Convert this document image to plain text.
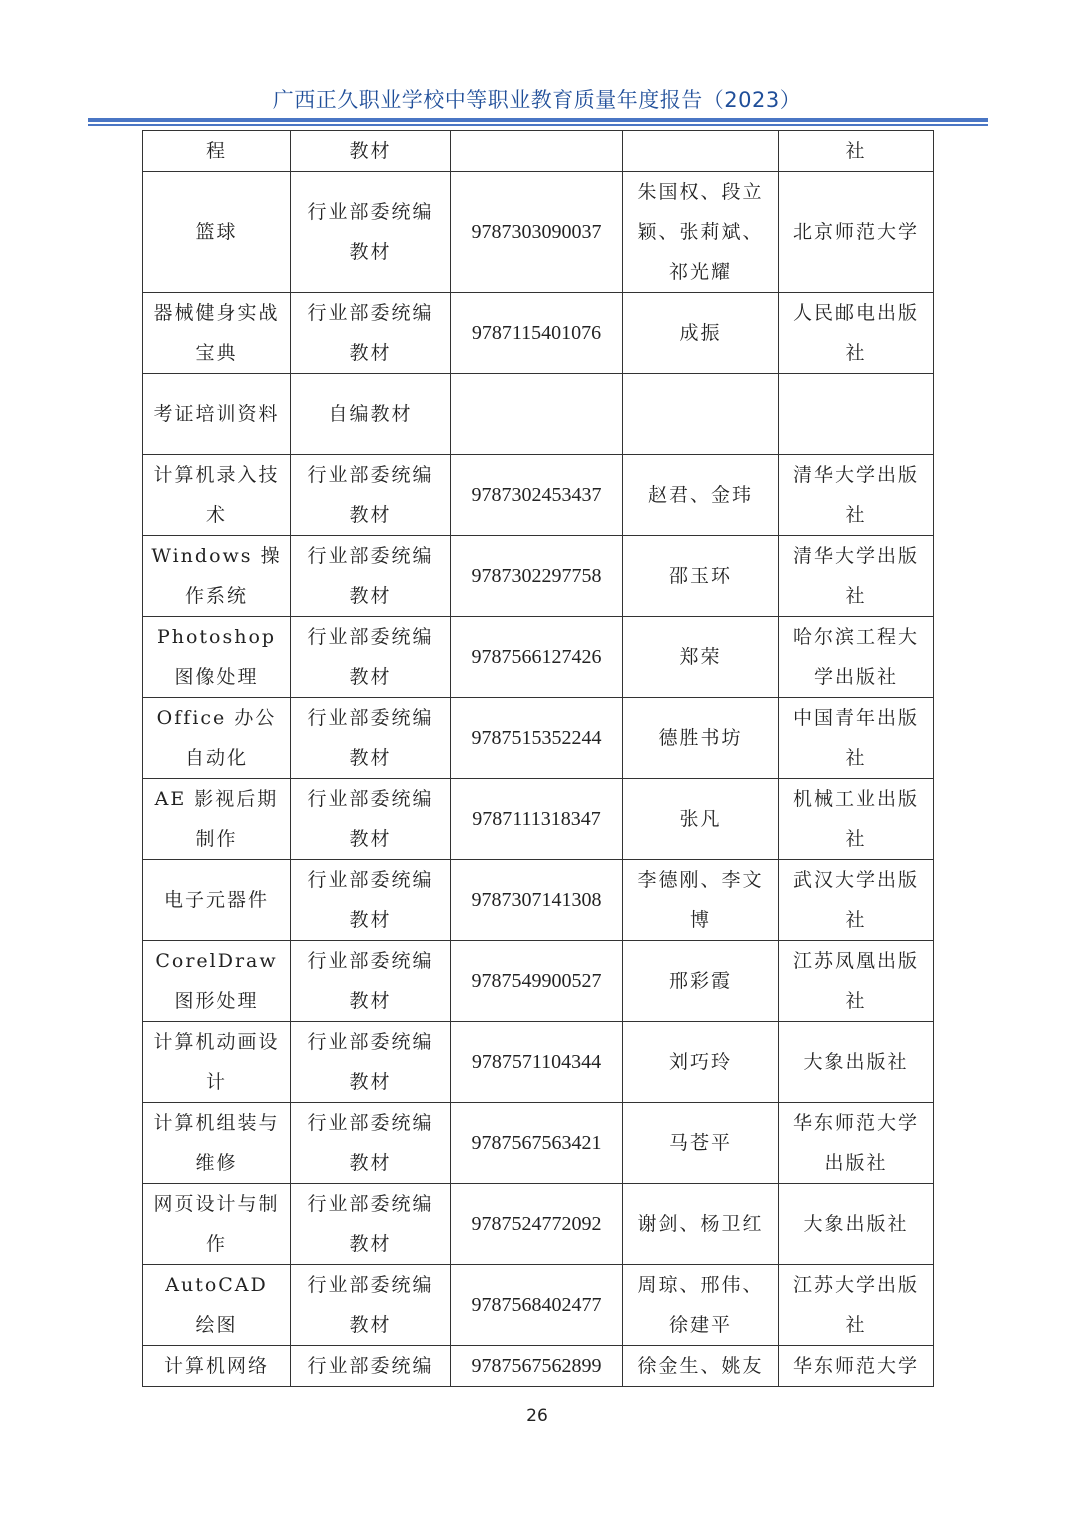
广西正久职业学校中等职业教育质量年度报告（2023）
程	教材			社
篮球	行业部委统编教材	9787303090037	朱国权、段立颖、张莉斌、祁光耀	北京师范大学
器械健身实战宝典	行业部委统编教材	9787115401076	成振	人民邮电出版社
考证培训资料	自编教材			
计算机录入技术	行业部委统编教材	9787302453437	赵君、金玮	清华大学出版社
Windows 操作系统	行业部委统编教材	9787302297758	邵玉环	清华大学出版社
Photoshop 图像处理	行业部委统编教材	9787566127426	郑荣	哈尔滨工程大学出版社
Office 办公自动化	行业部委统编教材	9787515352244	德胜书坊	中国青年出版社
AE 影视后期制作	行业部委统编教材	9787111318347	张凡	机械工业出版社
电子元器件	行业部委统编教材	9787307141308	李德刚、李文博	武汉大学出版社
CorelDraw 图形处理	行业部委统编教材	9787549900527	邢彩霞	江苏凤凰出版社
计算机动画设计	行业部委统编教材	9787571104344	刘巧玲	大象出版社
计算机组装与维修	行业部委统编教材	9787567563421	马苍平	华东师范大学出版社
网页设计与制作	行业部委统编教材	9787524772092	谢剑、杨卫红	大象出版社
AutoCAD 绘图	行业部委统编教材	9787568402477	周琼、邢伟、徐建平	江苏大学出版社
计算机网络	行业部委统编	9787567562899	徐金生、姚友	华东师范大学
26
